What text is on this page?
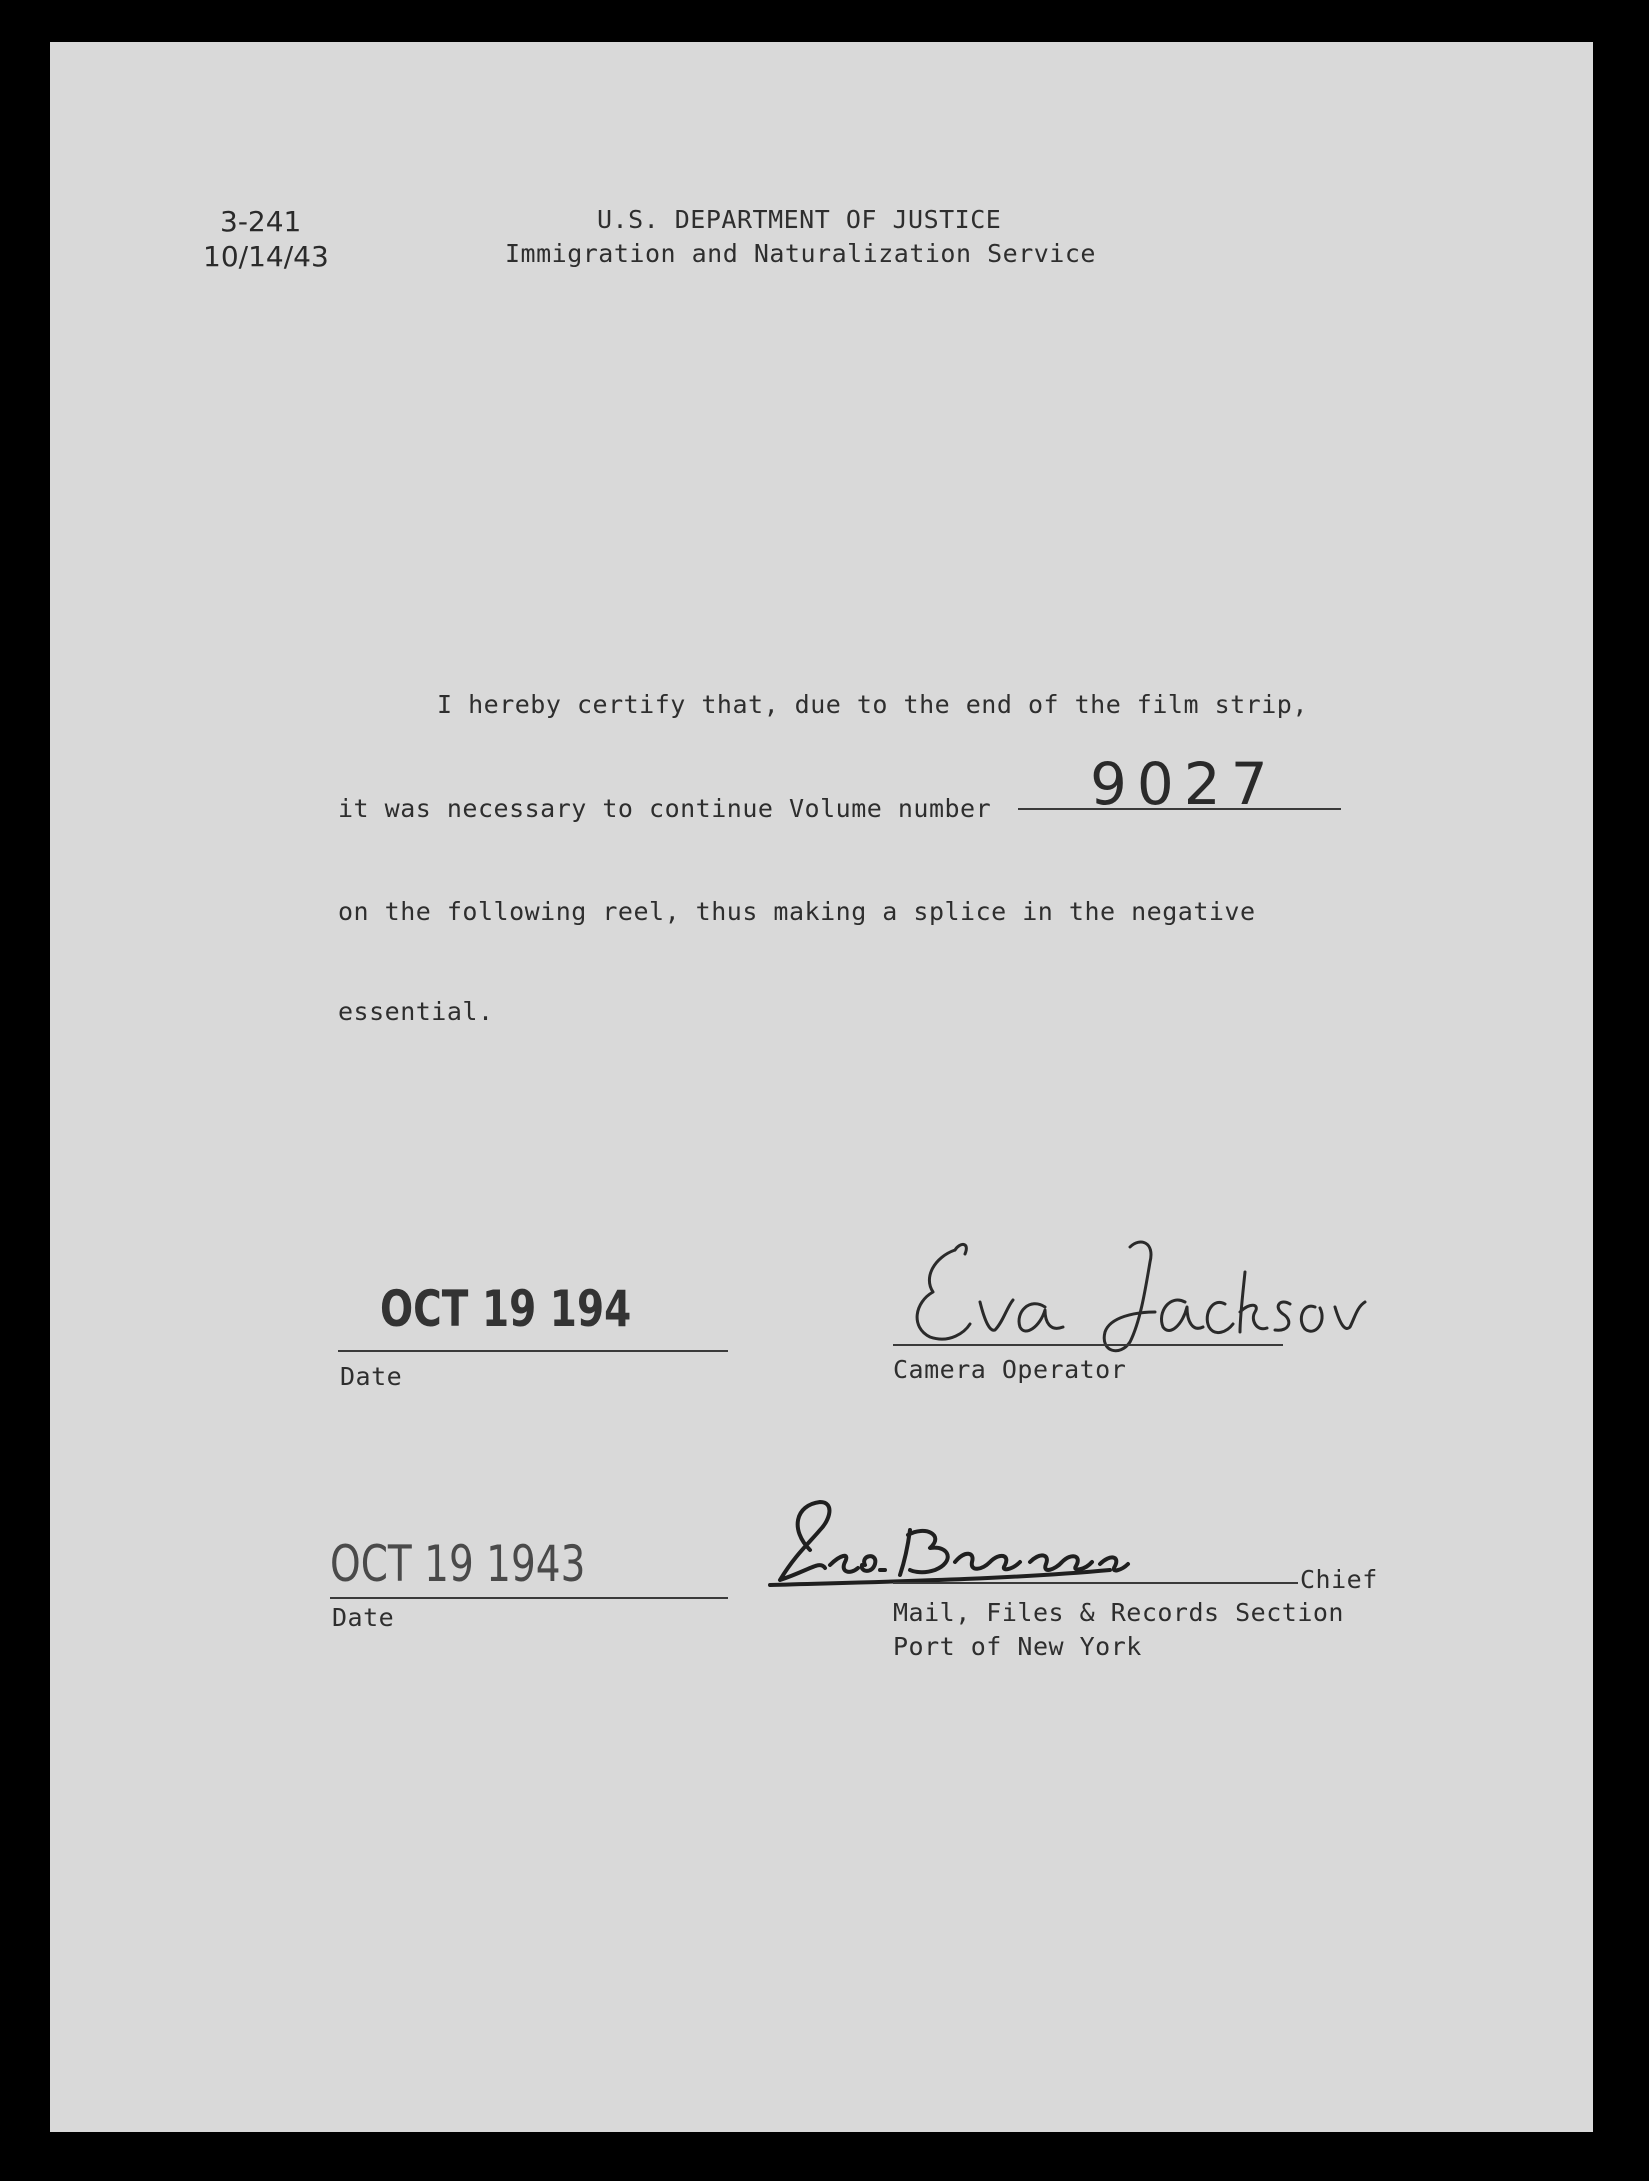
3-241
10/14/43
U.S. DEPARTMENT OF JUSTICE
Immigration and Naturalization Service
I hereby certify that, due to the end of the film strip,
it was necessary to continue Volume number 9027
on the following reel, thus making a splice in the negative
essential.
OCT 19 194
Date	Camera Operator
OCT 19 1943
Date
Chief
Mail, Files & Records Section
Port of New York
